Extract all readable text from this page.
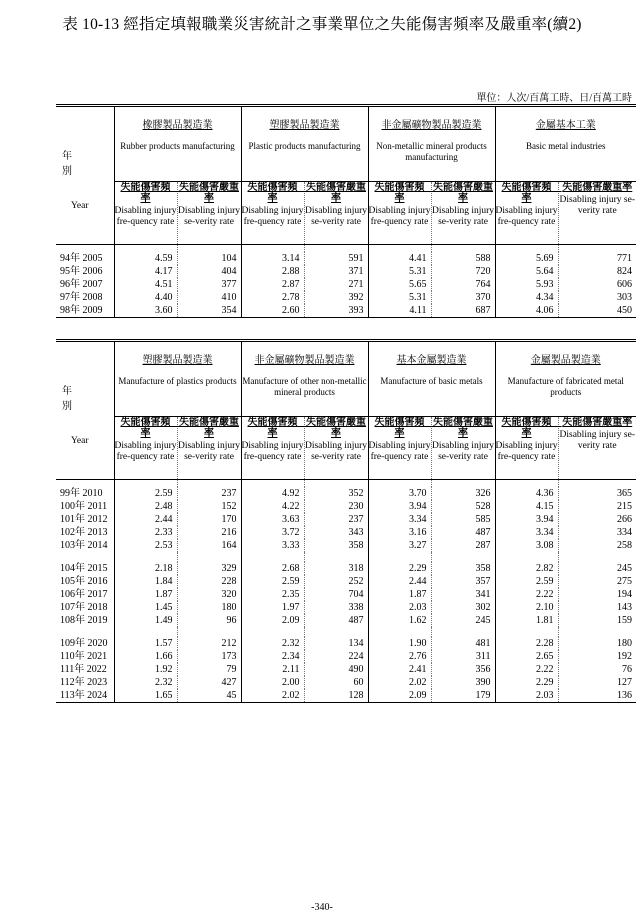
表 10-13 經指定填報職業災害統計之事業單位之失能傷害頻率及嚴重率(續2)
單位：人次/百萬工時、日/百萬工時
年 別
Year	橡膠製品製造業
Rubber products manufacturing		塑膠製品製造業
Plastic products manufacturing		非金屬礦物製品製造業
Non-metallic mineral products manufacturing		金屬基本工業
Basic metal industries	

	失能傷害頻　率
Disabling injury fre-quency rate	失能傷害嚴重率
Disabling injury se-verity rate	失能傷害頻　率
Disabling injury fre-quency rate	失能傷害嚴重率
Disabling injury se-verity rate	失能傷害頻　率
Disabling injury fre-quency rate	失能傷害嚴重率
Disabling injury se-verity rate	失能傷害頻　率
Disabling injury fre-quency rate	失能傷害嚴重率
Disabling injury se-verity rate

94年 2005	4.59	104	3.14	591	4.41	588	5.69	771
95年 2006	4.17	404	2.88	371	5.31	720	5.64	824
96年 2007	4.51	377	2.87	271	5.65	764	5.93	606
97年 2008	4.40	410	2.78	392	5.31	370	4.34	303
98年 2009	3.60	354	2.60	393	4.11	687	4.06	450
年 別
Year	塑膠製品製造業
Manufacture of plastics products		非金屬礦物製品製造業
Manufacture of other non-metallic mineral products		基本金屬製造業
Manufacture of basic metals		金屬製品製造業
Manufacture of fabricated metal products	

	失能傷害頻　率
Disabling injury fre-quency rate	失能傷害嚴重率
Disabling injury se-verity rate	失能傷害頻　率
Disabling injury fre-quency rate	失能傷害嚴重率
Disabling injury se-verity rate	失能傷害頻　率
Disabling injury fre-quency rate	失能傷害嚴重率
Disabling injury se-verity rate	失能傷害頻　率
Disabling injury fre-quency rate	失能傷害嚴重率
Disabling injury se-verity rate

99年 2010	2.59	237	4.92	352	3.70	326	4.36	365
100年 2011	2.48	152	4.22	230	3.94	528	4.15	215
101年 2012	2.44	170	3.63	237	3.34	585	3.94	266
102年 2013	2.33	216	3.72	343	3.16	487	3.34	334
103年 2014	2.53	164	3.33	358	3.27	287	3.08	258

104年 2015	2.18	329	2.68	318	2.29	358	2.82	245
105年 2016	1.84	228	2.59	252	2.44	357	2.59	275
106年 2017	1.87	320	2.35	704	1.87	341	2.22	194
107年 2018	1.45	180	1.97	338	2.03	302	2.10	143
108年 2019	1.49	96	2.09	487	1.62	245	1.81	159

109年 2020	1.57	212	2.32	134	1.90	481	2.28	180
110年 2021	1.66	173	2.34	224	2.76	311	2.65	192
111年 2022	1.92	79	2.11	490	2.41	356	2.22	76
112年 2023	2.32	427	2.00	60	2.02	390	2.29	127
113年 2024	1.65	45	2.02	128	2.09	179	2.03	136
-340-
